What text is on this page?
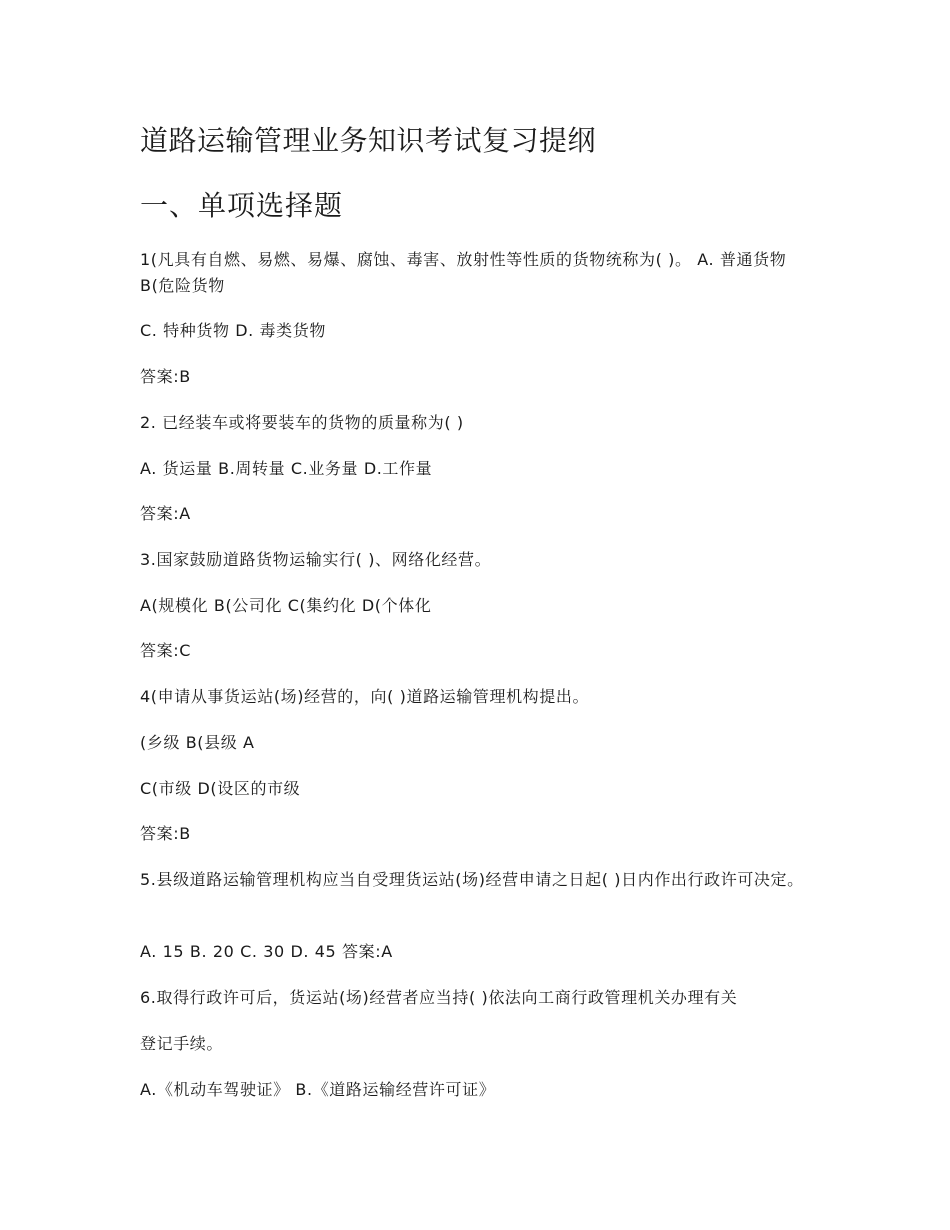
道路运输管理业务知识考试复习提纲
一、单项选择题

1(凡具有自燃、易燃、易爆、腐蚀、毒害、放射性等性质的货物统称为( )。 A. 普通货物 B(危险货物

C. 特种货物 D. 毒类货物

答案:B

2. 已经装车或将要装车的货物的质量称为( )

A. 货运量 B.周转量 C.业务量 D.工作量

答案:A

3.国家鼓励道路货物运输实行( )、网络化经营。

A(规模化 B(公司化 C(集约化 D(个体化

答案:C

4(申请从事货运站(场)经营的，向( )道路运输管理机构提出。

(乡级 B(县级 A

C(市级 D(设区的市级

答案:B

5.县级道路运输管理机构应当自受理货运站(场)经营申请之日起( )日内作出行政许可决定。

A. 15 B. 20 C. 30 D. 45 答案:A

6.取得行政许可后，货运站(场)经营者应当持( )依法向工商行政管理机关办理有关

登记手续。

A.《机动车驾驶证》 B.《道路运输经营许可证》
